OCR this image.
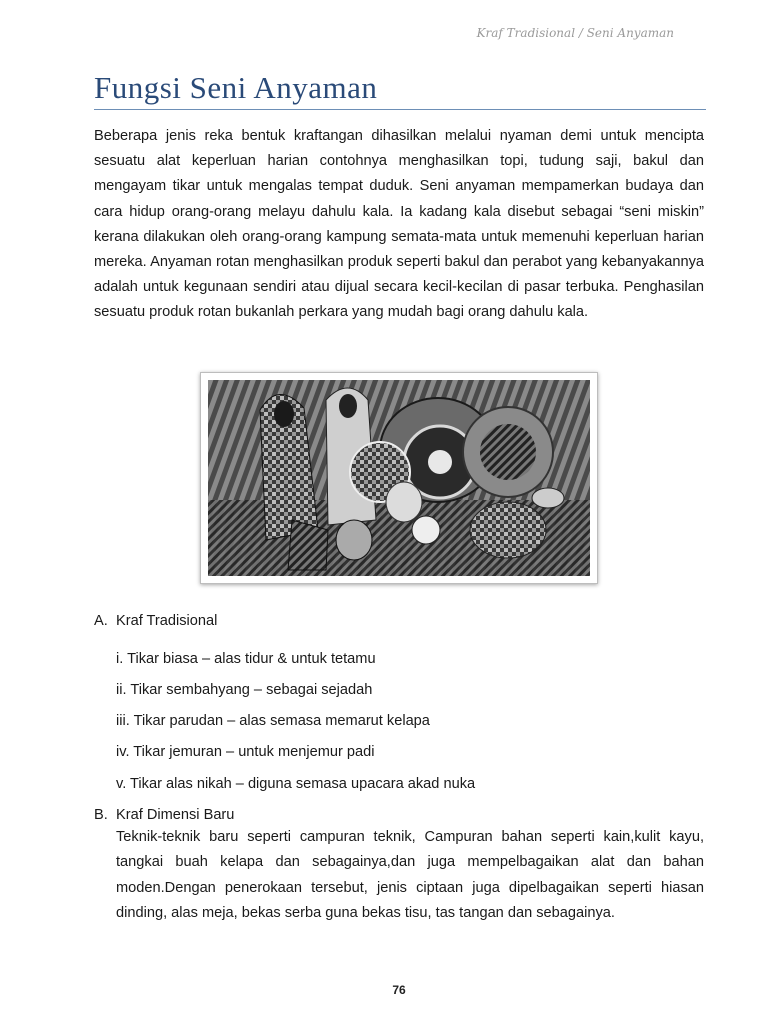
Kraf Tradisional / Seni Anyaman
Fungsi Seni Anyaman

Beberapa jenis reka bentuk kraftangan dihasilkan melalui nyaman demi untuk mencipta sesuatu alat keperluan harian contohnya menghasilkan topi, tudung saji, bakul dan mengayam tikar untuk mengalas tempat duduk. Seni anyaman mempamerkan budaya dan cara hidup orang-orang melayu dahulu kala. Ia kadang kala disebut sebagai “seni miskin” kerana dilakukan oleh orang-orang kampung semata-mata untuk memenuhi keperluan harian mereka. Anyaman rotan menghasilkan produk seperti bakul dan perabot yang kebanyakannya adalah untuk kegunaan sendiri atau dijual secara kecil-kecilan di pasar terbuka. Penghasilan sesuatu produk rotan bukanlah perkara yang mudah bagi orang dahulu kala.

A. Kraf Tradisional

i. Tikar biasa – alas tidur & untuk tetamu

ii. Tikar sembahyang – sebagai sejadah

iii. Tikar parudan – alas semasa memarut kelapa

iv. Tikar jemuran – untuk menjemur padi

v. Tikar alas nikah – diguna semasa upacara akad nuka

B. Kraf Dimensi Baru

Teknik-teknik baru seperti campuran teknik, Campuran bahan seperti kain,kulit kayu, tangkai buah kelapa dan sebagainya,dan juga mempelbagaikan alat dan bahan moden.Dengan penerokaan tersebut, jenis ciptaan juga dipelbagaikan seperti hiasan dinding, alas meja, bekas serba guna bekas tisu, tas tangan dan sebagainya.

76
